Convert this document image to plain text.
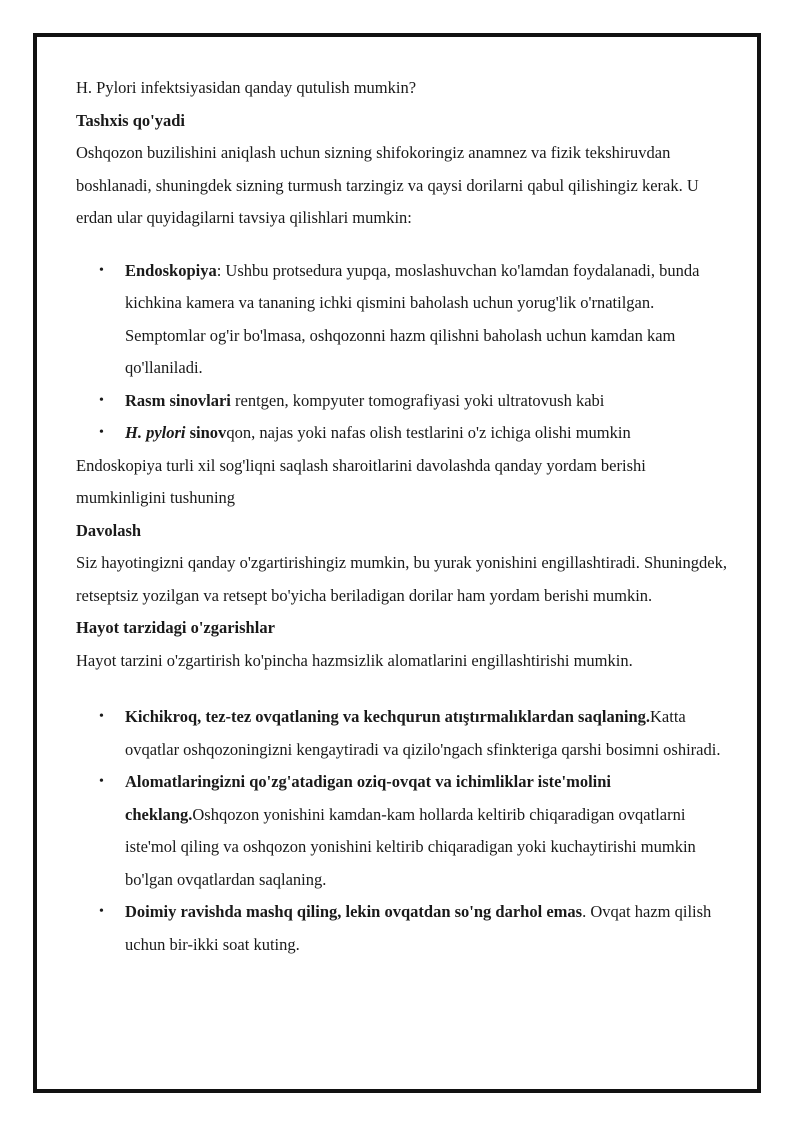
H. Pylori infektsiyasidan qanday qutulish mumkin?

Tashxis qo'yadi

Oshqozon buzilishini aniqlash uchun sizning shifokoringiz anamnez va fizik tekshiruvdan boshlanadi, shuningdek sizning turmush tarzingiz va qaysi dorilarni qabul qilishingiz kerak. U erdan ular quyidagilarni tavsiya qilishlari mumkin:

• Endoskopiya: Ushbu protsedura yupqa, moslashuvchan ko'lamdan foydalanadi, bunda kichkina kamera va tananing ichki qismini baholash uchun yorug'lik o'rnatilgan. Semptomlar og'ir bo'lmasa, oshqozonni hazm qilishni baholash uchun kamdan kam qo'llaniladi.
• Rasm sinovlari rentgen, kompyuter tomografiyasi yoki ultratovush kabi
• H. pylori sinovqon, najas yoki nafas olish testlarini o'z ichiga olishi mumkin

Endoskopiya turli xil sog'liqni saqlash sharoitlarini davolashda qanday yordam berishi mumkinligini tushuning

Davolash

Siz hayotingizni qanday o'zgartirishingiz mumkin, bu yurak yonishini engillashtiradi. Shuningdek, retseptsiz yozilgan va retsept bo'yicha beriladigan dorilar ham yordam berishi mumkin.

Hayot tarzidagi o'zgarishlar

Hayot tarzini o'zgartirish ko'pincha hazmsizlik alomatlarini engillashtirishi mumkin.

• Kichikroq, tez-tez ovqatlaning va kechqurun atıştırmalıklardan saqlaning.Katta ovqatlar oshqozoningizni kengaytiradi va qizilo'ngach sfinkteriga qarshi bosimni oshiradi.
• Alomatlaringizni qo'zg'atadigan oziq-ovqat va ichimliklar iste'molini cheklang.Oshqozon yonishini kamdan-kam hollarda keltirib chiqaradigan ovqatlarni iste'mol qiling va oshqozon yonishini keltirib chiqaradigan yoki kuchaytirishi mumkin bo'lgan ovqatlardan saqlaning.
• Doimiy ravishda mashq qiling, lekin ovqatdan so'ng darhol emas. Ovqat hazm qilish uchun bir-ikki soat kuting.
